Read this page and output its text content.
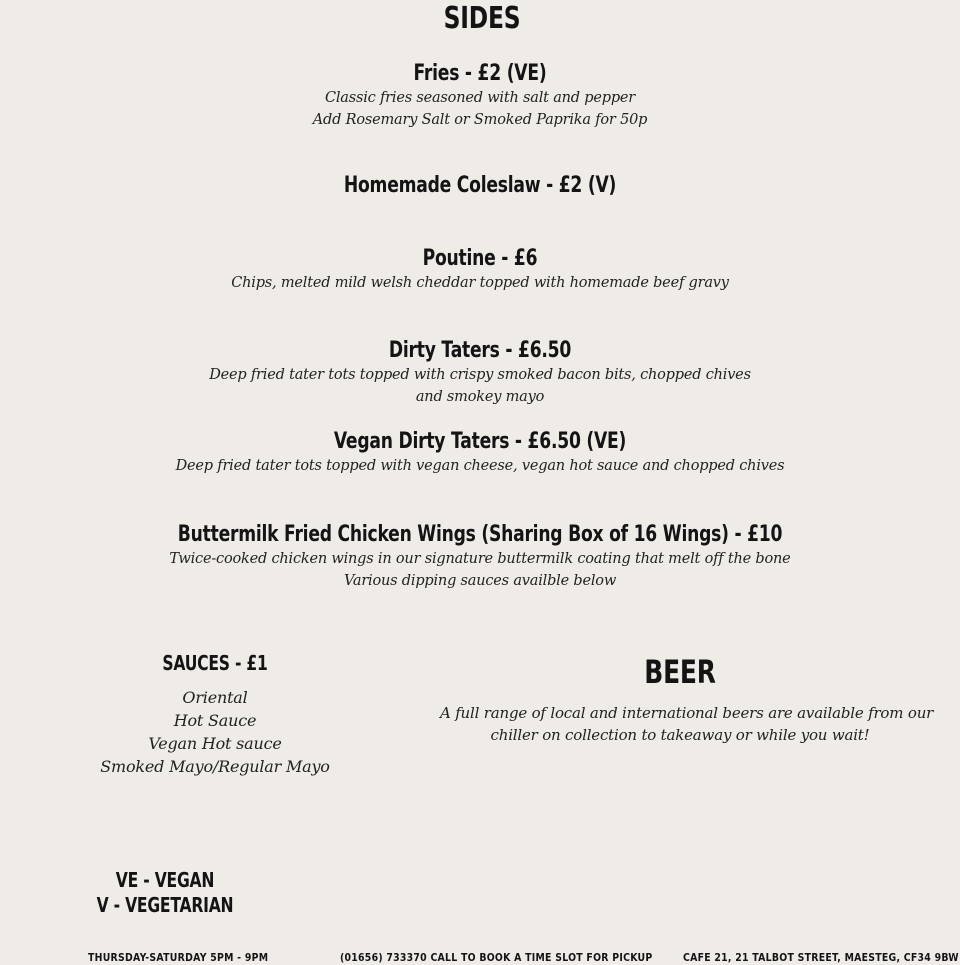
SIDES
Fries - £2 (VE)
Classic fries seasoned with salt and pepper
Add Rosemary Salt or Smoked Paprika for 50p
Homemade Coleslaw - £2 (V)
Poutine - £6
Chips, melted mild welsh cheddar topped with homemade beef gravy
Dirty Taters - £6.50
Deep fried tater tots topped with crispy smoked bacon bits, chopped chives
and smokey mayo
Vegan Dirty Taters - £6.50 (VE)
Deep fried tater tots topped with vegan cheese, vegan hot sauce and chopped chives
Buttermilk Fried Chicken Wings (Sharing Box of 16 Wings) - £10
Twice-cooked chicken wings in our signature buttermilk coating that melt off the bone
Various dipping sauces availble below
SAUCES - £1
Oriental
Hot Sauce
Vegan Hot sauce
Smoked Mayo/Regular Mayo
BEER
A full range of local and international beers are available from our
chiller on collection to takeaway or while you wait!
VE - VEGAN
V - VEGETARIAN
THURSDAY-SATURDAY 5PM - 9PM	(01656) 733370 CALL TO BOOK A TIME SLOT FOR PICKUP	CAFE 21, 21 TALBOT STREET, MAESTEG, CF34 9BW
